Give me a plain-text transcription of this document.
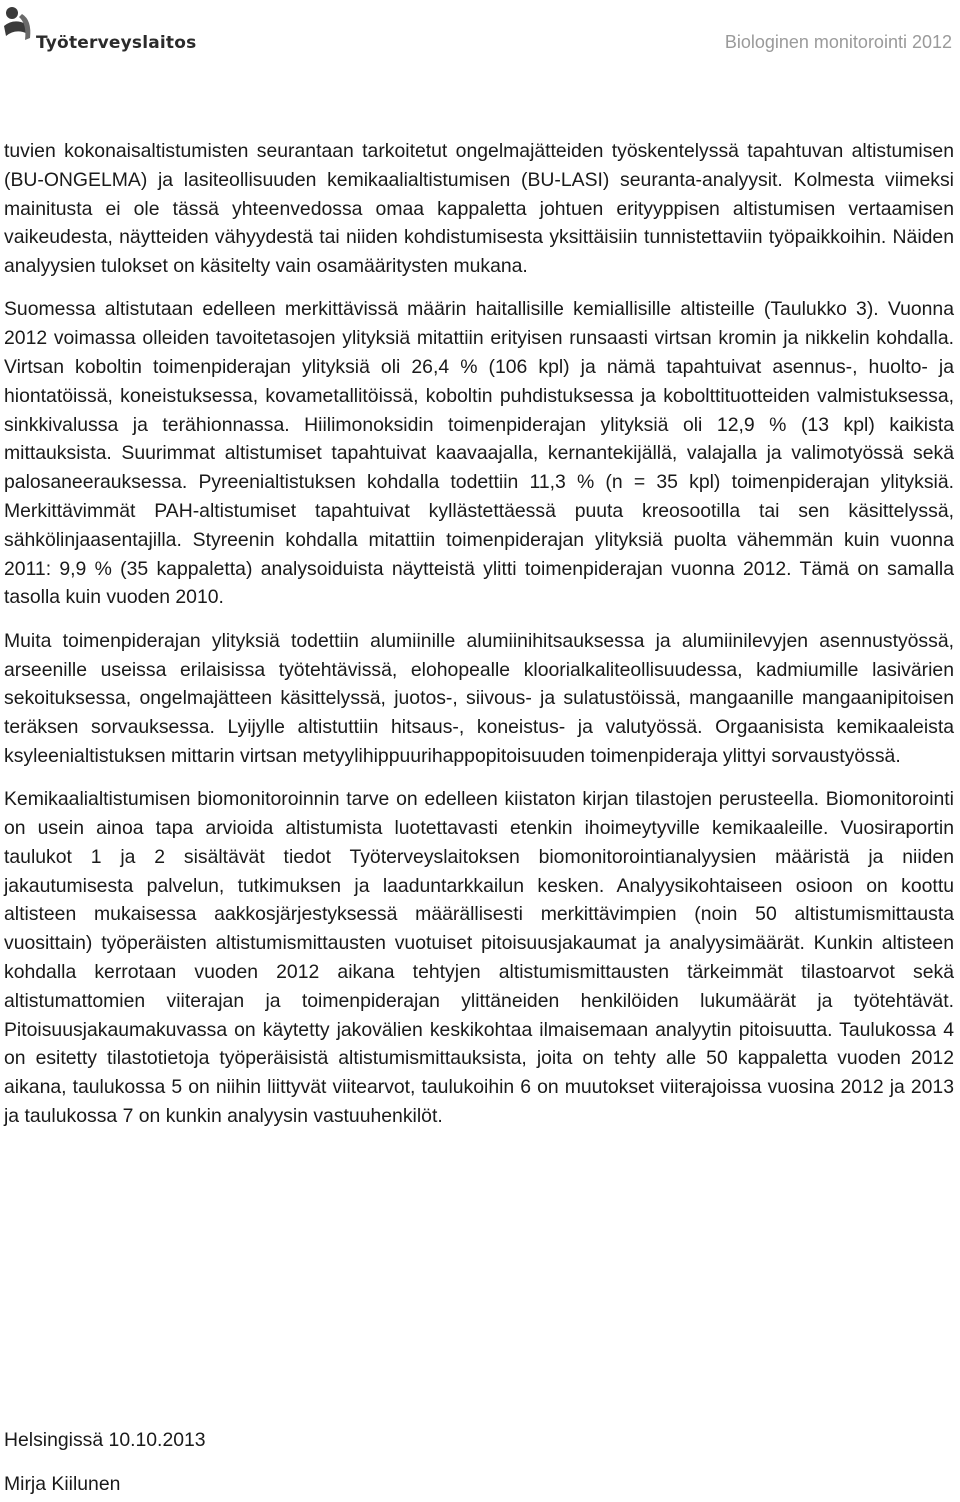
Työterveyslaitos	Biologinen monitorointi 2012

tuvien kokonaisaltistumisten seurantaan tarkoitetut ongelmajätteiden työskentelyssä tapahtuvan altistumisen (BU-ONGELMA) ja lasiteollisuuden kemikaalialtistumisen (BU-LASI) seuranta-analyysit. Kolmesta viimeksi mainitusta ei ole tässä yhteenvedossa omaa kappaletta johtuen erityyppisen altistumisen vertaamisen vaikeudesta, näytteiden vähyydestä tai niiden kohdistumisesta yksittäisiin tunnistettaviin työpaikkoihin. Näiden analyysien tulokset on käsitelty vain osamääritysten mukana.

Suomessa altistutaan edelleen merkittävissä määrin haitallisille kemiallisille altisteille (Taulukko 3). Vuonna 2012 voimassa olleiden tavoitetasojen ylityksiä mitattiin erityisen runsaasti virtsan kromin ja nikkelin kohdalla. Virtsan koboltin toimenpiderajan ylityksiä oli 26,4 % (106 kpl) ja nämä tapahtuivat asennus-, huolto- ja hiontatöissä, koneistuksessa, kovametallitöissä, koboltin puhdistuksessa ja kobolttituotteiden valmistuksessa, sinkkivalussa ja terähionnassa. Hiilimonoksidin toimenpiderajan ylityksiä oli 12,9 % (13 kpl) kaikista mittauksista. Suurimmat altistumiset tapahtuivat kaavaajalla, kernantekijällä, valajalla ja valimotyössä sekä palosaneerauksessa. Pyreenialtistuksen kohdalla todettiin 11,3 % (n = 35 kpl) toimenpiderajan ylityksiä. Merkittävimmät PAH-altistumiset tapahtuivat kyllästettäessä puuta kreosootilla tai sen käsittelyssä, sähkölinjaasentajilla. Styreenin kohdalla mitattiin toimenpiderajan ylityksiä puolta vähemmän kuin vuonna 2011: 9,9 % (35 kappaletta) analysoiduista näytteistä ylitti toimenpiderajan vuonna 2012. Tämä on samalla tasolla kuin vuoden 2010.

Muita toimenpiderajan ylityksiä todettiin alumiinille alumiinihitsauksessa ja alumiinilevyjen asennustyössä, arseenille useissa erilaisissa työtehtävissä, elohopealle kloorialkaliteollisuudessa, kadmiumille lasivärien sekoituksessa, ongelmajätteen käsittelyssä, juotos-, siivous- ja sulatustöissä, mangaanille mangaanipitoisen teräksen sorvauksessa. Lyijylle altistuttiin hitsaus-, koneistus- ja valutyössä. Orgaanisista kemikaaleista ksyleenialtistuksen mittarin virtsan metyylihippuurihappopitoisuuden toimenpideraja ylittyi sorvaustyössä.

Kemikaalialtistumisen biomonitoroinnin tarve on edelleen kiistaton kirjan tilastojen perusteella. Biomonitorointi on usein ainoa tapa arvioida altistumista luotettavasti etenkin ihoimeytyville kemikaaleille. Vuosiraportin taulukot 1 ja 2 sisältävät tiedot Työterveyslaitoksen biomonitorointianalyysien määristä ja niiden jakautumisesta palvelun, tutkimuksen ja laaduntarkkailun kesken. Analyysikohtaiseen osioon on koottu altisteen mukaisessa aakkosjärjestyksessä määrällisesti merkittävimpien (noin 50 altistumismittausta vuosittain) työperäisten altistumismittausten vuotuiset pitoisuusjakaumat ja analyysimäärät. Kunkin altisteen kohdalla kerrotaan vuoden 2012 aikana tehtyjen altistumismittausten tärkeimmät tilastoarvot sekä altistumattomien viiterajan ja toimenpiderajan ylittäneiden henkilöiden lukumäärät ja työtehtävät. Pitoisuusjakaumakuvassa on käytetty jakovälien keskikohtaa ilmaisemaan analyytin pitoisuutta. Taulukossa 4 on esitetty tilastotietoja työperäisistä altistumismittauksista, joita on tehty alle 50 kappaletta vuoden 2012 aikana, taulukossa 5 on niihin liittyvät viitearvot, taulukoihin 6 on muutokset viiterajoissa vuosina 2012 ja 2013 ja taulukossa 7 on kunkin analyysin vastuuhenkilöt.

Helsingissä 10.10.2013

Mirja Kiilunen
